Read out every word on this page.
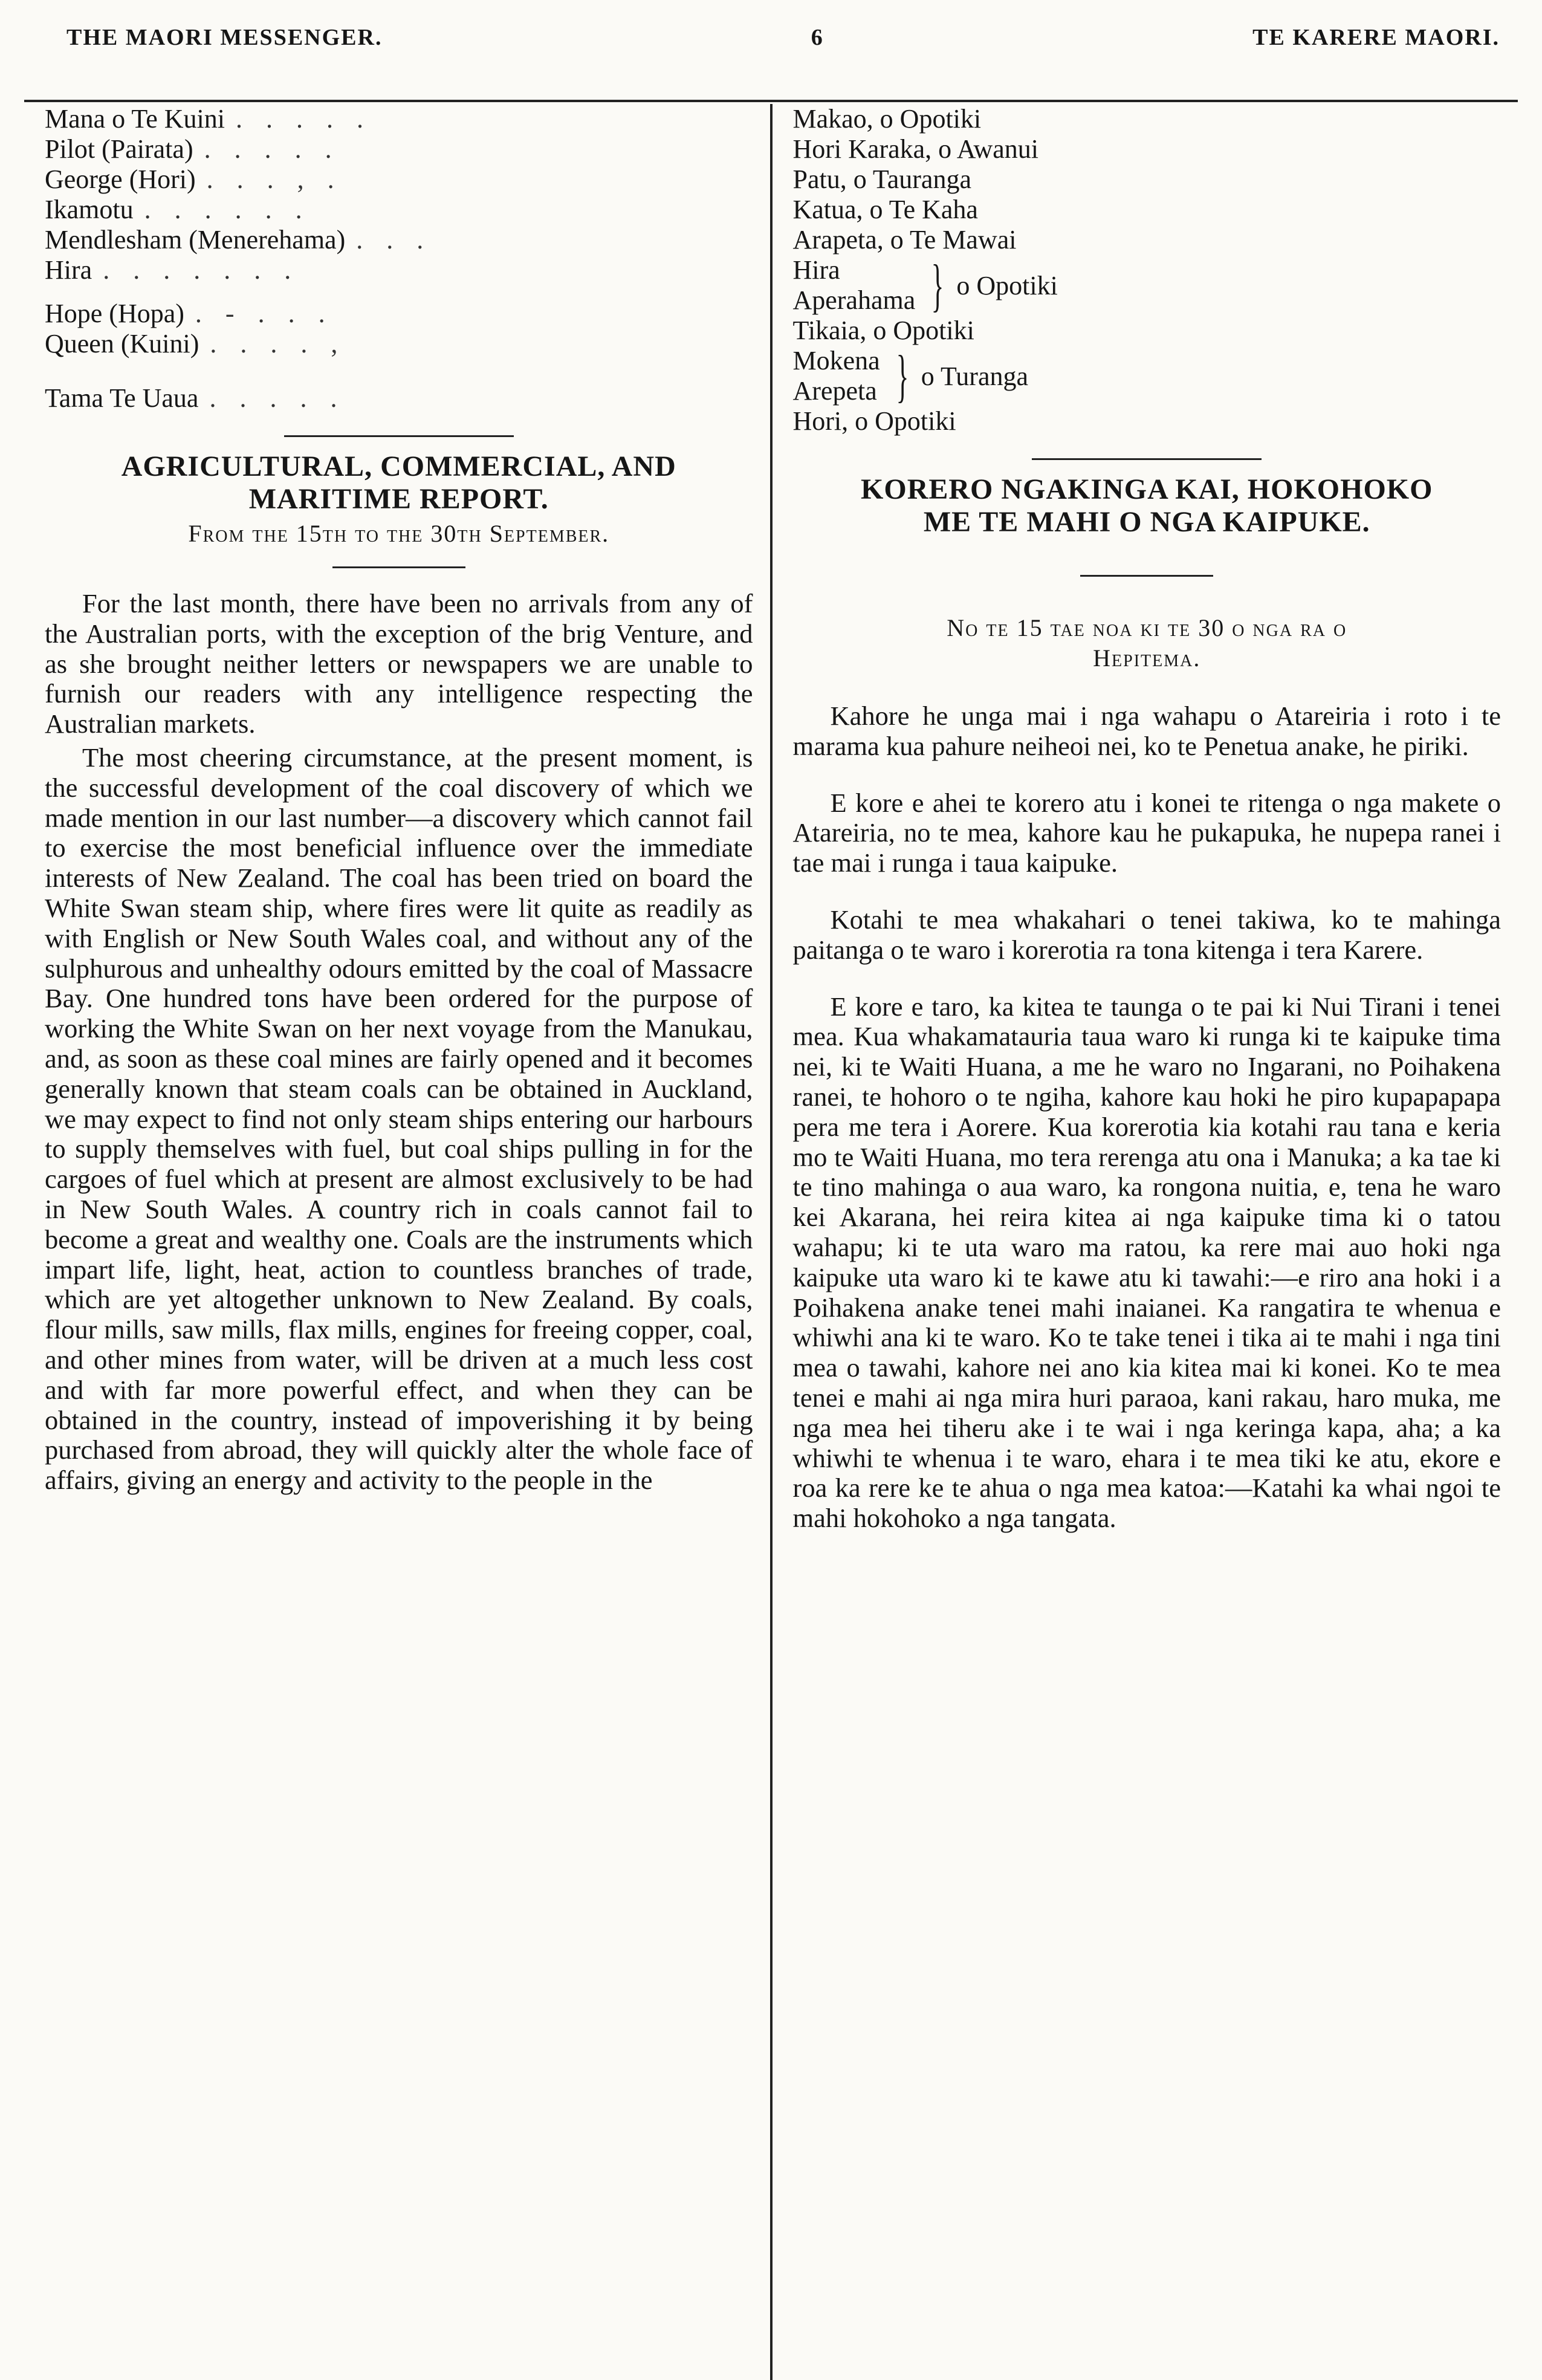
THE MAORI MESSENGER.	6	TE KARERE MAORI.
Mana o Te Kuini . . . . .
Pilot (Pairata) . . . . .
George (Hori) . . . , .
Ikamotu . . . . . .
Mendlesham (Menerehama) . . .
Hira . . . . . . .
Hope (Hopa) . - . . .
Queen (Kuini) . . . . ,
Tama Te Uaua . . . . .
AGRICULTURAL, COMMERCIAL, AND
MARITIME REPORT.
From the 15th to the 30th September.

For the last month, there have been no arrivals from any of the Australian ports, with the exception of the brig Venture, and as she brought neither letters or newspapers we are unable to furnish our readers with any intelligence respecting the Australian markets.

The most cheering circumstance, at the present moment, is the successful development of the coal discovery of which we made mention in our last number—a discovery which cannot fail to exercise the most beneficial influence over the immediate interests of New Zealand. The coal has been tried on board the White Swan steam ship, where fires were lit quite as readily as with English or New South Wales coal, and without any of the sulphurous and unhealthy odours emitted by the coal of Massacre Bay. One hundred tons have been ordered for the purpose of working the White Swan on her next voyage from the Manukau, and, as soon as these coal mines are fairly opened and it becomes generally known that steam coals can be obtained in Auckland, we may expect to find not only steam ships entering our harbours to supply themselves with fuel, but coal ships pulling in for the cargoes of fuel which at present are almost exclusively to be had in New South Wales. A country rich in coals cannot fail to become a great and wealthy one. Coals are the instruments which impart life, light, heat, action to countless branches of trade, which are yet altogether unknown to New Zealand. By coals, flour mills, saw mills, flax mills, engines for freeing copper, coal, and other mines from water, will be driven at a much less cost and with far more powerful effect, and when they can be obtained in the country, instead of impoverishing it by being purchased from abroad, they will quickly alter the whole face of affairs, giving an energy and activity to the people in the

Makao, o Opotiki
Hori Karaka, o Awanui
Patu, o Tauranga
Katua, o Te Kaha
Arapeta, o Te Mawai
Hira
Aperahama } o Opotiki
Tikaia, o Opotiki
Mokena
Arepeta } o Turanga
Hori, o Opotiki
KORERO NGAKINGA KAI, HOKOHOKO
ME TE MAHI O NGA KAIPUKE.
No te 15 tae noa ki te 30 o nga ra o
Hepitema.

Kahore he unga mai i nga wahapu o Atareiria i roto i te marama kua pahure neiheoi nei, ko te Penetua anake, he piriki.

E kore e ahei te korero atu i konei te ritenga o nga makete o Atareiria, no te mea, kahore kau he pukapuka, he nupepa ranei i tae mai i runga i taua kaipuke.

Kotahi te mea whakahari o tenei takiwa, ko te mahinga paitanga o te waro i korerotia ra tona kitenga i tera Karere.

E kore e taro, ka kitea te taunga o te pai ki Nui Tirani i tenei mea. Kua whakamatauria taua waro ki runga ki te kaipuke tima nei, ki te Waiti Huana, a me he waro no Ingarani, no Poihakena ranei, te hohoro o te ngiha, kahore kau hoki he piro kupapapapa pera me tera i Aorere. Kua korerotia kia kotahi rau tana e keria mo te Waiti Huana, mo tera rerenga atu ona i Manuka; a ka tae ki te tino mahinga o aua waro, ka rongona nuitia, e, tena he waro kei Akarana, hei reira kitea ai nga kaipuke tima ki o tatou wahapu; ki te uta waro ma ratou, ka rere mai auo hoki nga kaipuke uta waro ki te kawe atu ki tawahi:—e riro ana hoki i a Poihakena anake tenei mahi inaianei. Ka rangatira te whenua e whiwhi ana ki te waro. Ko te take tenei i tika ai te mahi i nga tini mea o tawahi, kahore nei ano kia kitea mai ki konei. Ko te mea tenei e mahi ai nga mira huri paraoa, kani rakau, haro muka, me nga mea hei tiheru ake i te wai i nga keringa kapa, aha; a ka whiwhi te whenua i te waro, ehara i te mea tiki ke atu, ekore e roa ka rere ke te ahua o nga mea katoa:—Katahi ka whai ngoi te mahi hokohoko a nga tangata.
